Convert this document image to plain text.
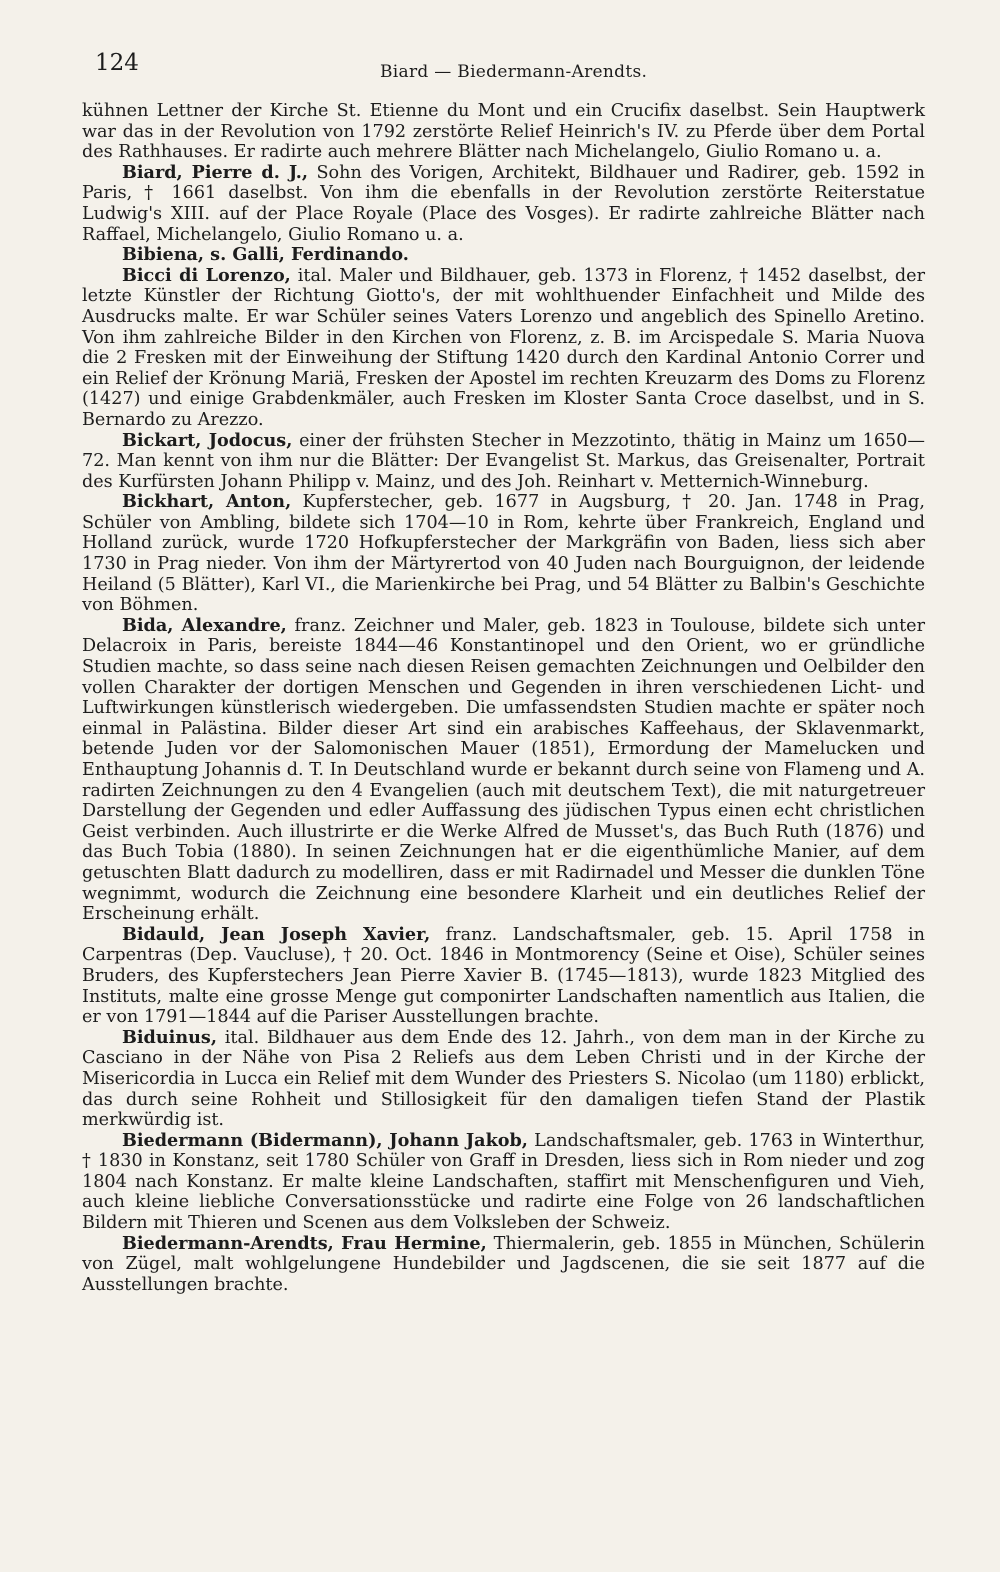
124	Biard — Biedermann-Arendts.

kühnen Lettner der Kirche St. Etienne du Mont und ein Crucifix daselbst. Sein Hauptwerk war das in der Revolution von 1792 zerstörte Relief Heinrich's IV. zu Pferde über dem Portal des Rathhauses. Er radirte auch mehrere Blätter nach Michelangelo, Giulio Romano u. a.

Biard, Pierre d. J., Sohn des Vorigen, Architekt, Bildhauer und Radirer, geb. 1592 in Paris, † 1661 daselbst. Von ihm die ebenfalls in der Revolution zerstörte Reiterstatue Ludwig's XIII. auf der Place Royale (Place des Vosges). Er radirte zahlreiche Blätter nach Raffael, Michelangelo, Giulio Romano u. a.

Bibiena, s. Galli, Ferdinando.

Bicci di Lorenzo, ital. Maler und Bildhauer, geb. 1373 in Florenz, † 1452 daselbst, der letzte Künstler der Richtung Giotto's, der mit wohlthuender Einfachheit und Milde des Ausdrucks malte. Er war Schüler seines Vaters Lorenzo und angeblich des Spinello Aretino. Von ihm zahlreiche Bilder in den Kirchen von Florenz, z. B. im Arcispedale S. Maria Nuova die 2 Fresken mit der Einweihung der Stiftung 1420 durch den Kardinal Antonio Correr und ein Relief der Krönung Mariä, Fresken der Apostel im rechten Kreuzarm des Doms zu Florenz (1427) und einige Grabdenkmäler, auch Fresken im Kloster Santa Croce daselbst, und in S. Bernardo zu Arezzo.

Bickart, Jodocus, einer der frühsten Stecher in Mezzotinto, thätig in Mainz um 1650—72. Man kennt von ihm nur die Blätter: Der Evangelist St. Markus, das Greisenalter, Portrait des Kurfürsten Johann Philipp v. Mainz, und des Joh. Reinhart v. Metternich-Winneburg.

Bickhart, Anton, Kupferstecher, geb. 1677 in Augsburg, † 20. Jan. 1748 in Prag, Schüler von Ambling, bildete sich 1704—10 in Rom, kehrte über Frankreich, England und Holland zurück, wurde 1720 Hofkupferstecher der Markgräfin von Baden, liess sich aber 1730 in Prag nieder. Von ihm der Märtyrertod von 40 Juden nach Bourguignon, der leidende Heiland (5 Blätter), Karl VI., die Marienkirche bei Prag, und 54 Blätter zu Balbin's Geschichte von Böhmen.

Bida, Alexandre, franz. Zeichner und Maler, geb. 1823 in Toulouse, bildete sich unter Delacroix in Paris, bereiste 1844—46 Konstantinopel und den Orient, wo er gründliche Studien machte, so dass seine nach diesen Reisen gemachten Zeichnungen und Oelbilder den vollen Charakter der dortigen Menschen und Gegenden in ihren verschiedenen Licht- und Luftwirkungen künstlerisch wiedergeben. Die umfassendsten Studien machte er später noch einmal in Palästina. Bilder dieser Art sind ein arabisches Kaffeehaus, der Sklavenmarkt, betende Juden vor der Salomonischen Mauer (1851), Ermordung der Mamelucken und Enthauptung Johannis d. T. In Deutschland wurde er bekannt durch seine von Flameng und A. radirten Zeichnungen zu den 4 Evangelien (auch mit deutschem Text), die mit naturgetreuer Darstellung der Gegenden und edler Auffassung des jüdischen Typus einen echt christlichen Geist verbinden. Auch illustrirte er die Werke Alfred de Musset's, das Buch Ruth (1876) und das Buch Tobia (1880). In seinen Zeichnungen hat er die eigenthümliche Manier, auf dem getuschten Blatt dadurch zu modelliren, dass er mit Radirnadel und Messer die dunklen Töne wegnimmt, wodurch die Zeichnung eine besondere Klarheit und ein deutliches Relief der Erscheinung erhält.

Bidauld, Jean Joseph Xavier, franz. Landschaftsmaler, geb. 15. April 1758 in Carpentras (Dep. Vaucluse), † 20. Oct. 1846 in Montmorency (Seine et Oise), Schüler seines Bruders, des Kupferstechers Jean Pierre Xavier B. (1745—1813), wurde 1823 Mitglied des Instituts, malte eine grosse Menge gut componirter Landschaften namentlich aus Italien, die er von 1791—1844 auf die Pariser Ausstellungen brachte.

Biduinus, ital. Bildhauer aus dem Ende des 12. Jahrh., von dem man in der Kirche zu Casciano in der Nähe von Pisa 2 Reliefs aus dem Leben Christi und in der Kirche der Misericordia in Lucca ein Relief mit dem Wunder des Priesters S. Nicolao (um 1180) erblickt, das durch seine Rohheit und Stillosigkeit für den damaligen tiefen Stand der Plastik merkwürdig ist.

Biedermann (Bidermann), Johann Jakob, Landschaftsmaler, geb. 1763 in Winterthur, † 1830 in Konstanz, seit 1780 Schüler von Graff in Dresden, liess sich in Rom nieder und zog 1804 nach Konstanz. Er malte kleine Landschaften, staffirt mit Menschenfiguren und Vieh, auch kleine liebliche Conversationsstücke und radirte eine Folge von 26 landschaftlichen Bildern mit Thieren und Scenen aus dem Volksleben der Schweiz.

Biedermann-Arendts, Frau Hermine, Thiermalerin, geb. 1855 in München, Schülerin von Zügel, malt wohlgelungene Hundebilder und Jagdscenen, die sie seit 1877 auf die Ausstellungen brachte.
